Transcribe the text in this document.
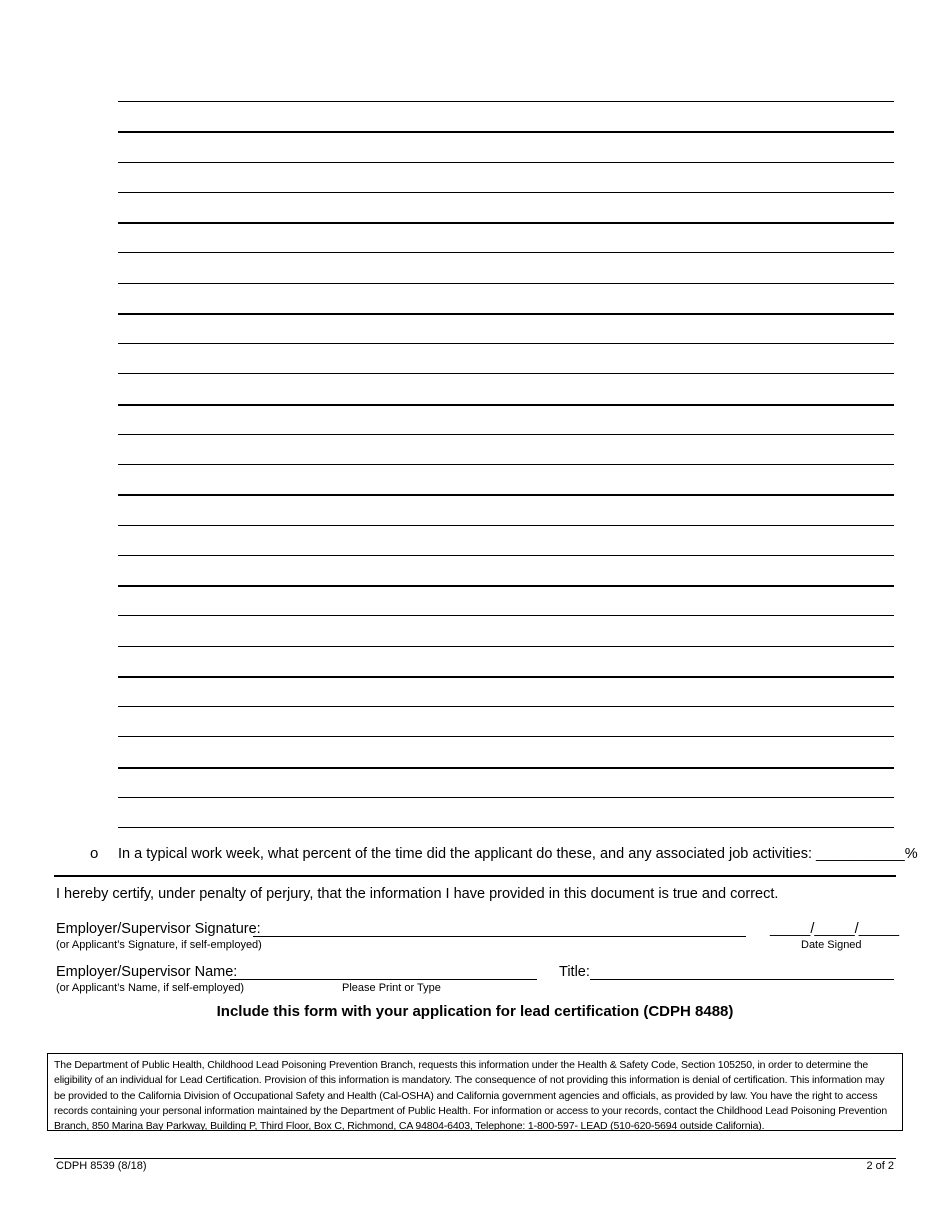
o In a typical work week, what percent of the time did the applicant do these, and any associated job activities: ___________%
I hereby certify, under penalty of perjury, that the information I have provided in this document is true and correct.
Employer/Supervisor Signature:
(or Applicant’s Signature, if self-employed)
_____/_____/_____
Date Signed
Employer/Supervisor Name:
(or Applicant’s Name, if self-employed)	Please Print or Type
Title:
Include this form with your application for lead certification (CDPH 8488)
The Department of Public Health, Childhood Lead Poisoning Prevention Branch, requests this information under the Health & Safety Code, Section 105250, in order to determine the eligibility of an individual for Lead Certification. Provision of this information is mandatory. The consequence of not providing this information is denial of certification. This information may be provided to the California Division of Occupational Safety and Health (Cal-OSHA) and California government agencies and officials, as provided by law. You have the right to access records containing your personal information maintained by the Department of Public Health. For information or access to your records, contact the Childhood Lead Poisoning Prevention Branch, 850 Marina Bay Parkway, Building P, Third Floor, Box C, Richmond, CA 94804-6403, Telephone: 1-800-597- LEAD (510-620-5694 outside California).
CDPH 8539 (8/18)	2 of 2
